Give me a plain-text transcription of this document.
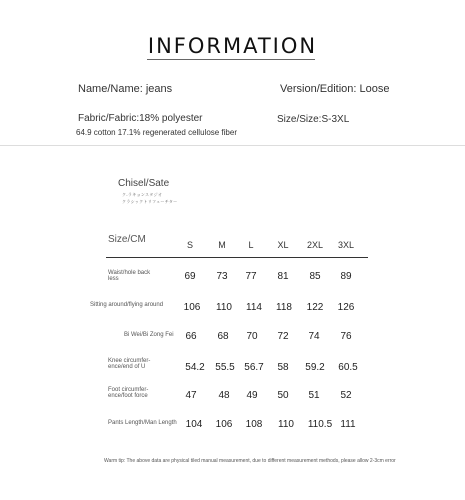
INFORMATION
Name/Name: jeans	Version/Edition: Loose
Fabric/Fabric:18% polyester
64.9 cotton 17.1% regenerated cellulose fiber
Size/Size:S-3XL
Chisel/Sate
ク-ラキョンスタジオ
クラシックトリフェーチター
Size/CM	S	M	L	XL	2XL	3XL
Waist/hole back
less	69	73	77	81	85	89
Sitting around/flying around	106	110	114	118	122	126
Bi Wei/Bi Zong Fei	66	68	70	72	74	76
Knee circumfer-
ence/end of U	54.2	55.5 56.7	58	59.2	60.5
Foot circumfer-
ence/foot force	47	48	49	50	51	52
Pants Length/Man Length 104	106	108	110	110.5 111
Warm tip: The above data are physical tiled manual measurement, due to different measurement methods, please allow 2-3cm error
